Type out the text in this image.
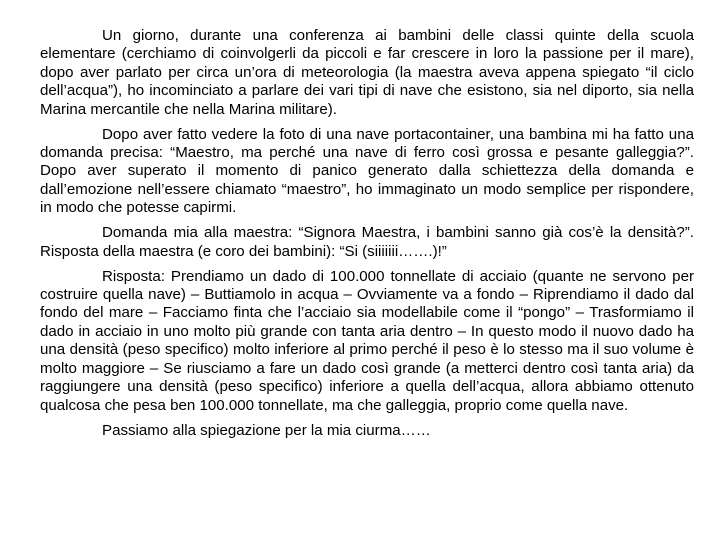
Un giorno, durante una conferenza ai bambini delle classi quinte della scuola elementare (cerchiamo di coinvolgerli da piccoli e far crescere in loro la passione per il mare), dopo aver parlato per circa un’ora di meteorologia (la maestra aveva appena spiegato “il ciclo dell’acqua”), ho incominciato a parlare dei vari tipi di nave che esistono, sia nel diporto, sia nella Marina mercantile che nella Marina militare).

Dopo aver fatto vedere la foto di una nave portacontainer, una bambina mi ha fatto una domanda precisa: “Maestro, ma perché una nave di ferro così grossa e pesante galleggia?”. Dopo aver superato il momento di panico generato dalla schiettezza della domanda e dall’emozione nell’essere chiamato “maestro”, ho immaginato un modo semplice per rispondere, in modo che potesse capirmi.

Domanda mia alla maestra: “Signora Maestra, i bambini sanno già cos’è la densità?”. Risposta della maestra (e coro dei bambini): “Si (siiiiiii…….)!”

Risposta: Prendiamo un dado di 100.000 tonnellate di acciaio (quante ne servono per costruire quella nave) – Buttiamolo in acqua – Ovviamente va a fondo – Riprendiamo il dado dal fondo del mare – Facciamo finta che l’acciaio sia modellabile come il “pongo” – Trasformiamo il dado in acciaio in uno molto più grande con tanta aria dentro – In questo modo il nuovo dado ha una densità (peso specifico) molto inferiore al primo perché il peso è lo stesso ma il suo volume è molto maggiore – Se riusciamo a fare un dado così grande (a metterci dentro così tanta aria) da raggiungere una densità (peso specifico) inferiore a quella dell’acqua, allora abbiamo ottenuto qualcosa che pesa ben 100.000 tonnellate, ma che galleggia, proprio come quella nave.

Passiamo alla spiegazione per la mia ciurma……
